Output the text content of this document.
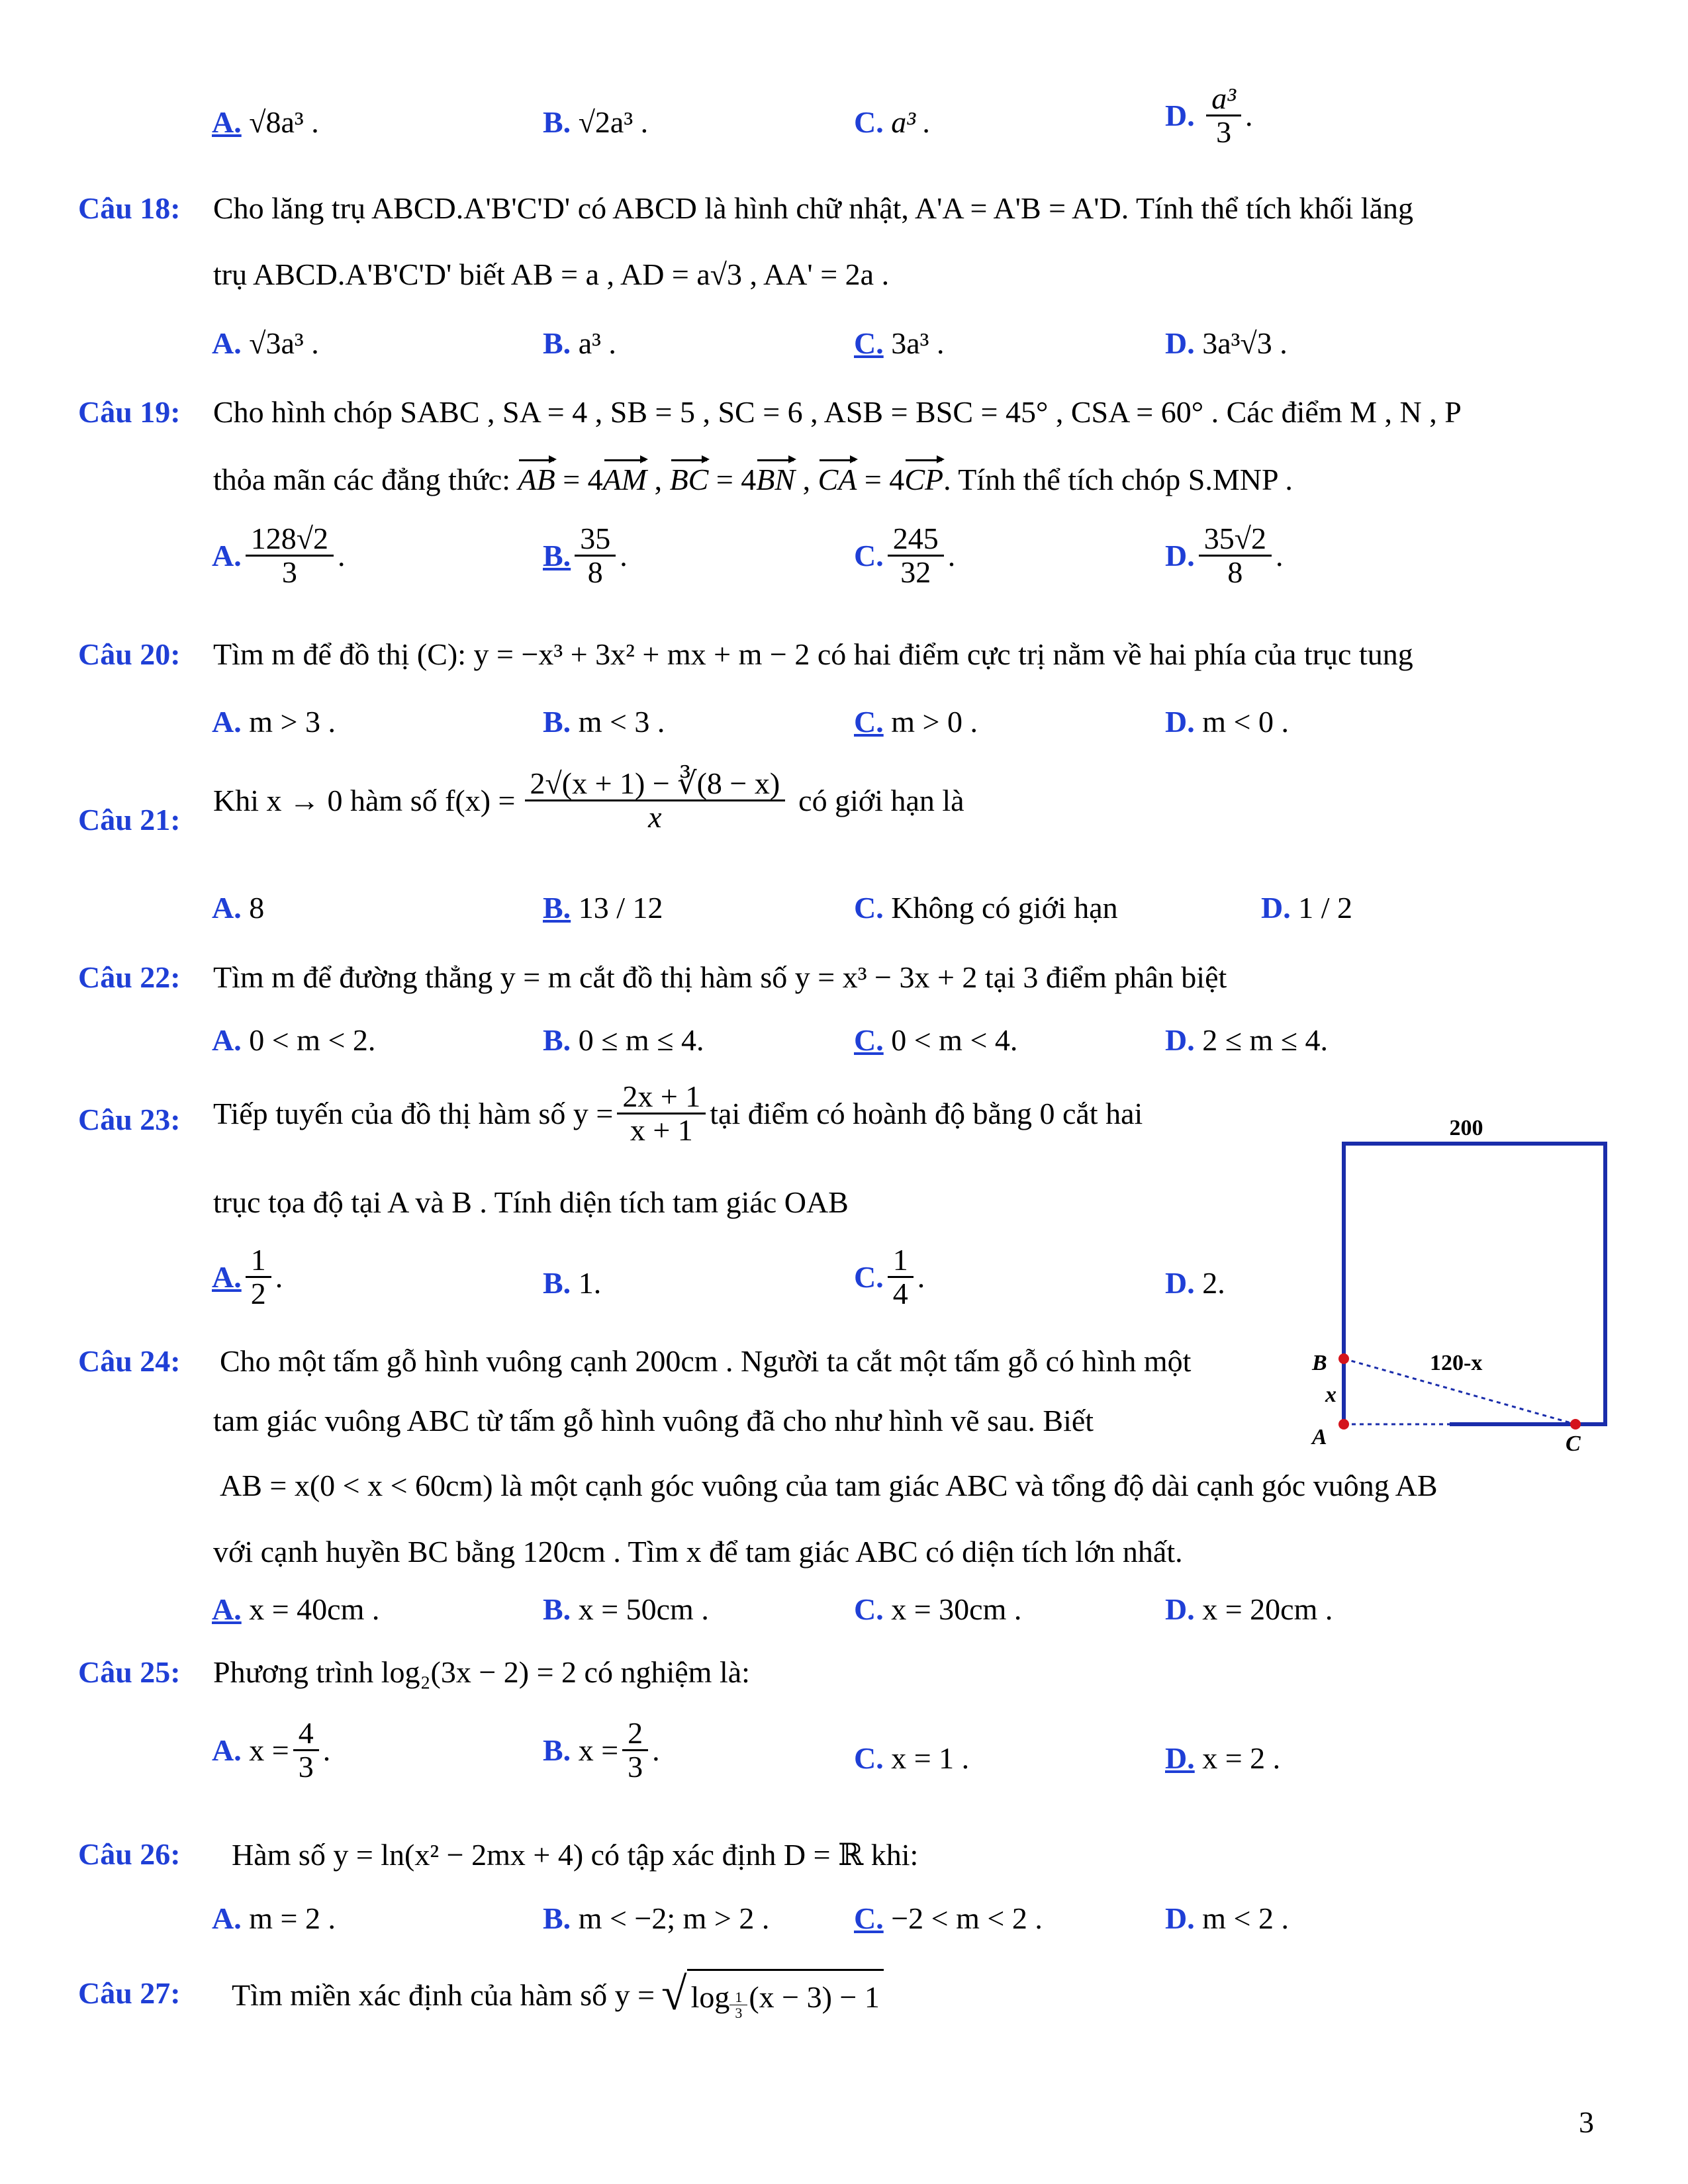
A.
√8a³ .	B.
√2a³ .	C.
a³ .	D.
$\frac{\text{a³}}{3}$ .
Câu 18: Cho lăng trụ ABCD.A'B'C'D' có ABCD là hình chữ nhật, A'A = A'B = A'D. Tính thể tích khối lăng
trụ ABCD.A'B'C'D' biết AB = a , AD = a√3 , AA' = 2a .
A.
√3a³ .	B.
a³ .	C.
3a³ .	D.
3a³√3 .
Câu 19: Cho hình chóp SABC , SA = 4 , SB = 5 , SC = 6 , ASB = BSC = 45° , CSA = 60° . Các điểm M , N , P
thỏa mãn các đẳng thức: AB = 4AM , BC = 4BN , CA = 4CP. Tính thể tích chóp S.MNP .
A. $\frac{128√2}{3}$ .	B. $\frac{35}{8}$ .	C. $\frac{245}{32}$ .	D. $\frac{35√2}{8}$ .
Câu 20: Tìm m để đồ thị (C): y = −x³ + 3x² + mx + m − 2 có hai điểm cực trị nằm về hai phía của trục tung
A.
m > 3 .	B.
m < 3 .	C.
m > 0 .	D.
m < 0 .
Câu 21:
Khi x → 0 hàm số $f(x) = \frac{2√(x + 1) - ∛(8 - x)}{x}$ có giới hạn là
A.
8	B.
13 / 12	C.
Không có giới hạn	D.
1 / 2
Câu 22: Tìm m để đường thẳng y = m cắt đồ thị hàm số y = x³ − 3x + 2 tại 3 điểm phân biệt
A.
0 < m < 2.	B.
0 ≤ m ≤ 4.	C.
0 < m < 4.	D.
2 ≤ m ≤ 4.
Câu 23: Tiếp tuyến của đồ thị hàm số $y = \frac{2x + 1}{x + 1}$ tại điểm có hoành độ bằng 0 cắt hai
trục tọa độ tại A và B . Tính diện tích tam giác OAB
A. $\frac{1}{2}$ .	B.
1.	C. $\frac{1}{4}$ .	D.
2.
200
120-x
x
B
A	C
Câu 24: Cho một tấm gỗ hình vuông cạnh 200cm . Người ta cắt một tấm gỗ có hình một
tam giác vuông ABC từ tấm gỗ hình vuông đã cho như hình vẽ sau. Biết
AB = x(0 < x < 60cm) là một cạnh góc vuông của tam giác ABC và tổng độ dài cạnh góc vuông AB
với cạnh huyền BC bằng 120cm . Tìm x để tam giác ABC có diện tích lớn nhất.
A.
x = 40cm .	B.
x = 50cm .	C.
x = 30cm .	D.
x = 20cm .
Câu 25: Phương trình log₂(3x − 2) = 2 có nghiệm là:
A.
$x = \frac{4}{3}$ .	B.
$x = \frac{2}{3}$ .	C.
x = 1 .	D.
x = 2 .
Câu 26: Hàm số y = ln(x² − 2mx + 4) có tập xác định D = ℝ khi:
A.
m = 2 .	B.
m < −2; m > 2 .	C.
−2 < m < 2 .	D.
m < 2 .
Câu 27: Tìm miền xác định của hàm số y = √ $\log \frac{1}{3} (x - 3) - 1$
3
